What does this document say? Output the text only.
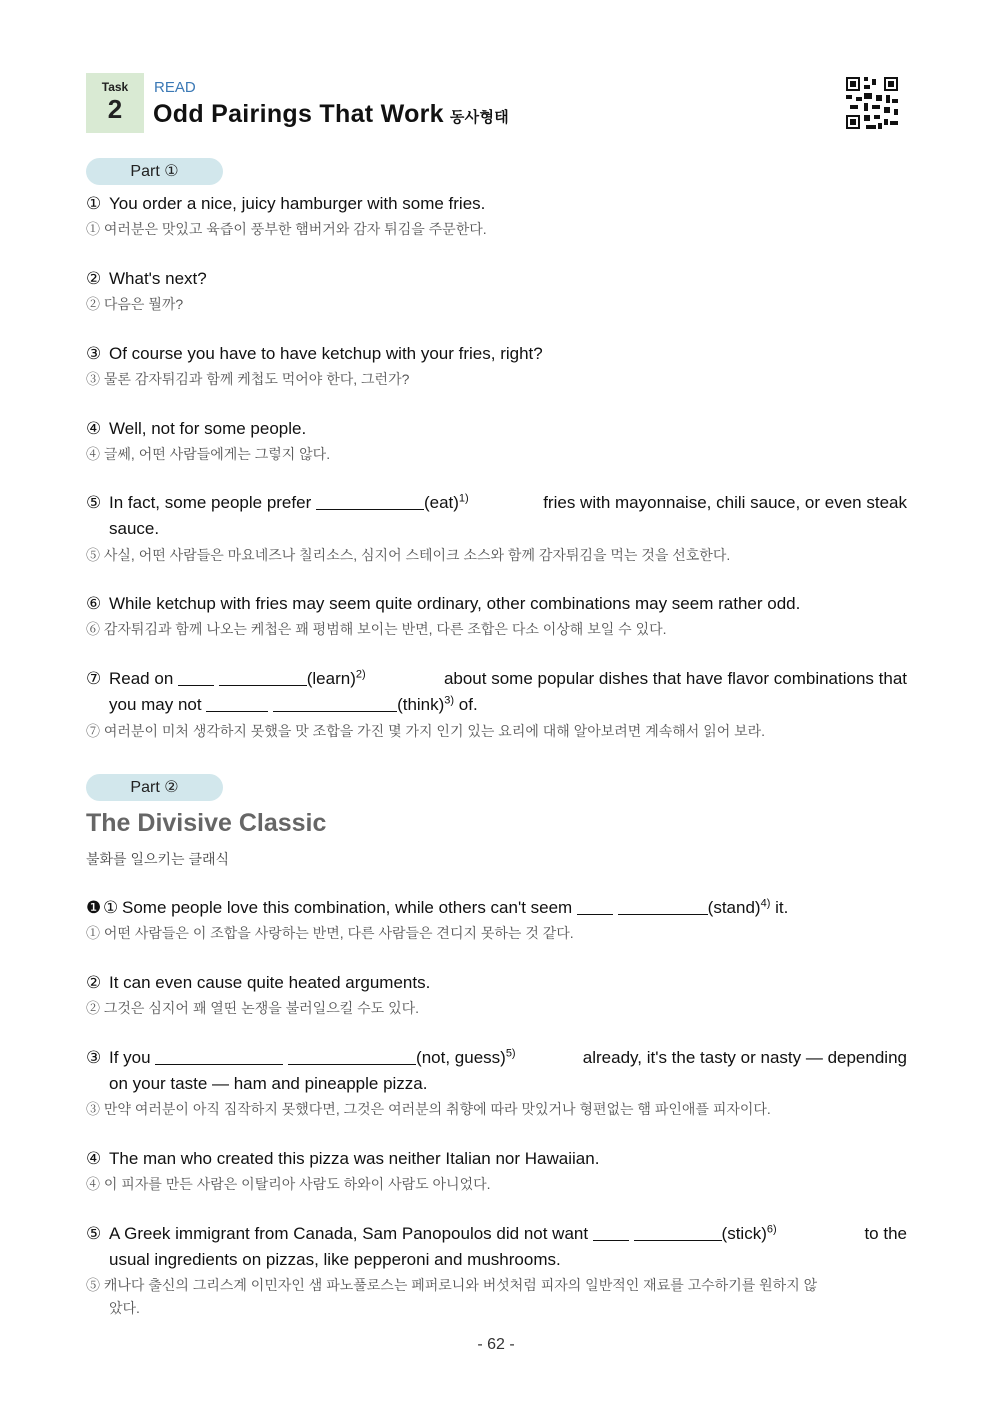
Task
2
READ
Odd Pairings That Work 동사형태
Part ①
① You order a nice, juicy hamburger with some fries.
① 여러분은 맛있고 육즙이 풍부한 햄버거와 감자 튀김을 주문한다.
② What's next?
② 다음은 뭘까?
③ Of course you have to have ketchup with your fries, right?
③ 물론 감자튀김과 함께 케첩도 먹어야 한다, 그런가?
④ Well, not for some people.
④ 글쎄, 어떤 사람들에게는 그렇지 않다.
⑤ In fact, some people prefer	(eat)$^{1)}$	fries with mayonnaise, chili sauce, or even steak
sauce.
⑤ 사실, 어떤 사람들은 마요네즈나 칠리소스, 심지어 스테이크 소스와 함께 감자튀김을 먹는 것을 선호한다.
⑥ While ketchup with fries may seem quite ordinary, other combinations may seem rather odd.
⑥ 감자튀김과 함께 나오는 케첩은 꽤 평범해 보이는 반면, 다른 조합은 다소 이상해 보일 수 있다.
⑦ Read on	(learn)$^{2)}$	about some popular dishes that have flavor combinations that
you may not	(think)$^{3)}$ of.
⑦ 여러분이 미처 생각하지 못했을 맛 조합을 가진 몇 가지 인기 있는 요리에 대해 알아보려면 계속해서 읽어 보라.
Part ②
The Divisive Classic
불화를 일으키는 클래식
❶ ① Some people love this combination, while others can't seem	$(stand)^{4)}$ it.
① 어떤 사람들은 이 조합을 사랑하는 반면, 다른 사람들은 견디지 못하는 것 같다.
② It can even cause quite heated arguments.
② 그것은 심지어 꽤 열띤 논쟁을 불러일으킬 수도 있다.
③ If you	(not, guess)$^{5)}$	already, it's the tasty or nasty — depending
on your taste — ham and pineapple pizza.
③ 만약 여러분이 아직 짐작하지 못했다면, 그것은 여러분의 취향에 따라 맛있거나 형편없는 햄 파인애플 피자이다.
④ The man who created this pizza was neither Italian nor Hawaiian.
④ 이 피자를 만든 사람은 이탈리아 사람도 하와이 사람도 아니었다.
⑤ A Greek immigrant from Canada, Sam Panopoulos did not want	(stick)$^{6)}$	to the
usual ingredients on pizzas, like pepperoni and mushrooms.
⑤ 캐나다 출신의 그리스계 이민자인 샘 파노풀로스는 페퍼로니와 버섯처럼 피자의 일반적인 재료를 고수하기를 원하지 않
았다.
- 62 -
